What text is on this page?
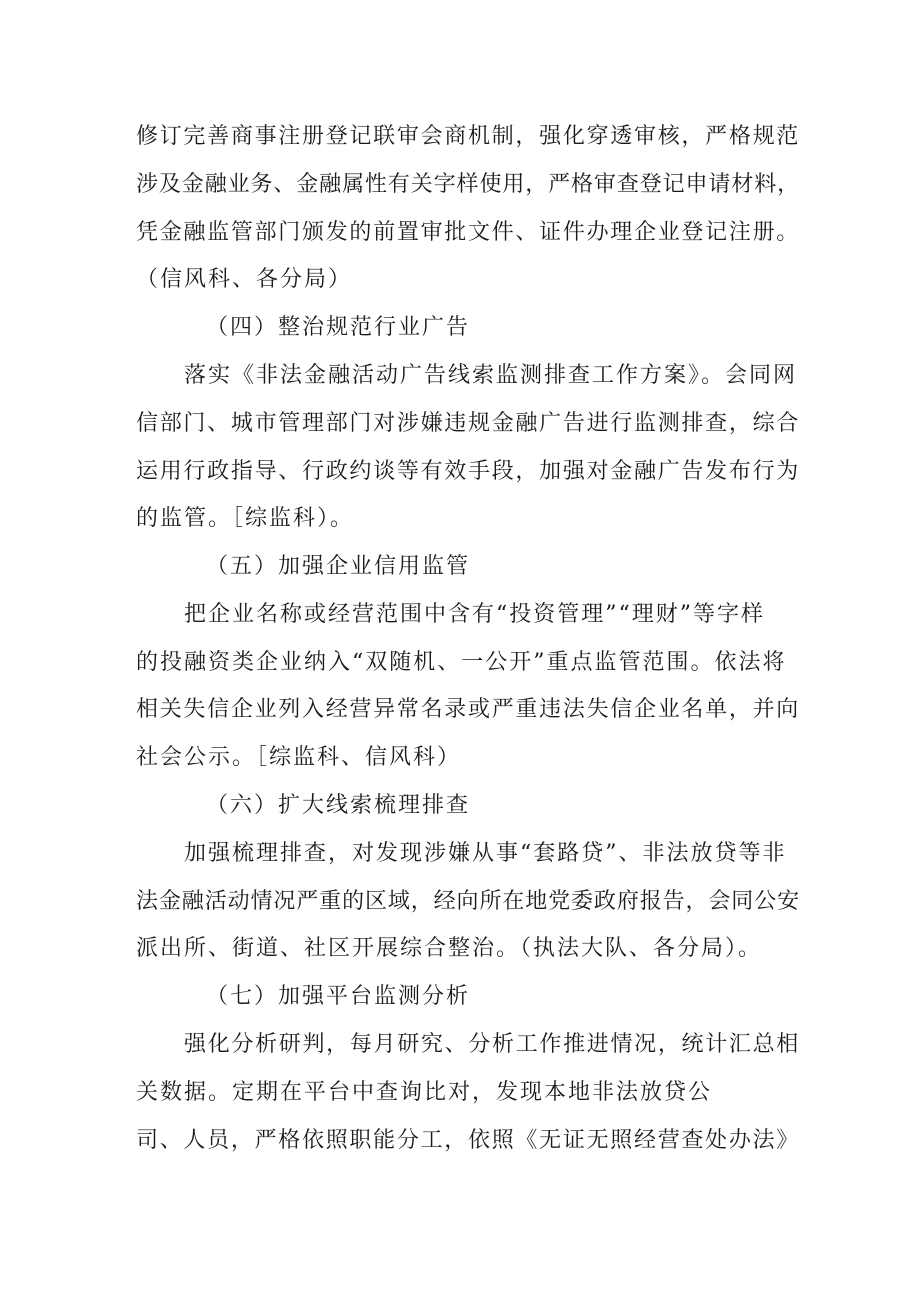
修订完善商事注册登记联审会商机制，强化穿透审核，严格规范
涉及金融业务、金融属性有关字样使用，严格审查登记申请材料，
凭金融监管部门颁发的前置审批文件、证件办理企业登记注册。
（信风科、各分局）
（四）整治规范行业广告
落实《非法金融活动广告线索监测排查工作方案》。会同网
信部门、城市管理部门对涉嫌违规金融广告进行监测排查，综合
运用行政指导、行政约谈等有效手段，加强对金融广告发布行为
的监管。［综监科）。
（五）加强企业信用监管
把企业名称或经营范围中含有“投资管理”“理财”等字样
的投融资类企业纳入“双随机、一公开”重点监管范围。依法将
相关失信企业列入经营异常名录或严重违法失信企业名单，并向
社会公示。［综监科、信风科）
（六）扩大线索梳理排查
加强梳理排查，对发现涉嫌从事“套路贷”、非法放贷等非
法金融活动情况严重的区域，经向所在地党委政府报告，会同公安
派出所、街道、社区开展综合整治。（执法大队、各分局）。
（七）加强平台监测分析
强化分析研判，每月研究、分析工作推进情况，统计汇总相
关数据。定期在平台中查询比对，发现本地非法放贷公
司、人员，严格依照职能分工，依照《无证无照经营查处办法》
